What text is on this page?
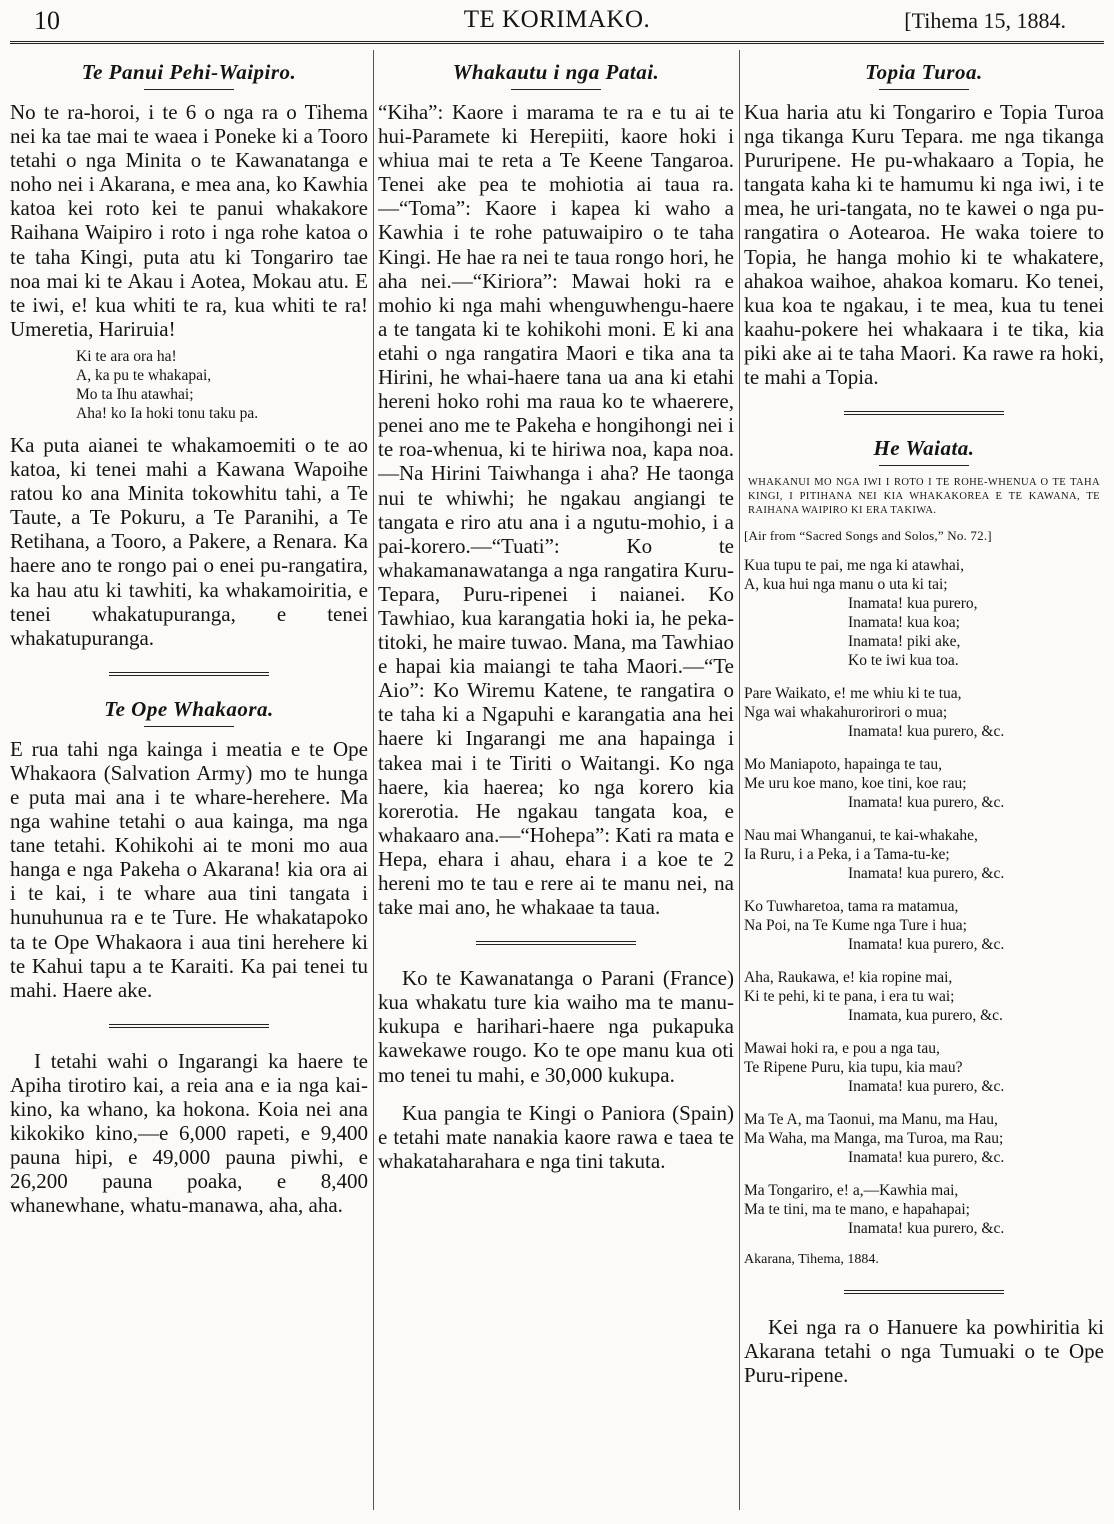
10	TE KORIMAKO.	[Tihema 15, 1884.
Te Panui Pehi-Waipiro.

No te ra-horoi, i te 6 o nga ra o Tihema nei ka tae mai te waea i Poneke ki a Tooro tetahi o nga Minita o te Kawanatanga e noho nei i Akarana, e mea ana, ko Kawhia katoa kei roto kei te panui whakakore Raihana Waipiro i roto i nga rohe katoa o te taha Kingi, puta atu ki Tongariro tae noa mai ki te Akau i Aotea, Mokau atu. E te iwi, e! kua whiti te ra, kua whiti te ra! Umeretia, Hariruia!

Ki te ara ora ha!
A, ka pu te whakapai,
Mo ta Ihu atawhai;
Aha! ko Ia hoki tonu taku pa.

Ka puta aianei te whakamoemiti o te ao katoa, ki tenei mahi a Kawana Wapoihe ratou ko ana Minita tokowhitu tahi, a Te Taute, a Te Pokuru, a Te Paranihi, a Te Retihana, a Tooro, a Pakere, a Renara. Ka haere ano te rongo pai o enei pu-rangatira, ka hau atu ki tawhiti, ka whakamoiritia, e tenei whakatupuranga, e tenei whakatupuranga.

Te Ope Whakaora.

E rua tahi nga kainga i meatia e te Ope Whakaora (Salvation Army) mo te hunga e puta mai ana i te whare-herehere. Ma nga wahine tetahi o aua kainga, ma nga tane tetahi. Kohikohi ai te moni mo aua hanga e nga Pakeha o Akarana! kia ora ai i te kai, i te whare aua tini tangata i hunuhunua ra e te Ture. He whakatapoko ta te Ope Whakaora i aua tini hereherе ki te Kahui tapu a te Karaiti. Ka pai tenei tu mahi. Haere ake.

I tetahi wahi o Ingarangi ka haere te Apiha tirotiro kai, a reia ana e ia nga kai-kino, ka whano, ka hokona. Koia nei ana kikokiko kino,—e 6,000 rapeti, e 9,400 pauna hipi, e 49,000 pauna piwhi, e 26,200 pauna poaka, e 8,400 whanewhane, whatu-manawa, aha, aha.

Whakautu i nga Patai.

“Kiha”: Kaore i marama te ra e tu ai te hui-Paramete ki Herepiiti, kaore hoki i whiua mai te reta a Te Keene Tangaroa. Tenei ake pea te mohiotia ai taua ra.—“Toma”: Kaore i kapea ki waho a Kawhia i te rohe patuwaipiro o te taha Kingi. He hae ra nei te taua rongo hori, he aha nei.—“Kiriora”: Mawai hoki ra e mohio ki nga mahi whenguwhengu-haere a te tangata ki te kohikohi moni. E ki ana etahi o nga rangatira Maori e tika ana ta Hirini, he whai-haere tana ua ana ki etahi hereni hoko rohi ma raua ko te whaerere, penei ano me te Pakeha e hongihongi nei i te roa-whenua, ki te hiriwa noa, kapa noa.—Na Hirini Taiwhanga i aha? He taonga nui te whiwhi; he ngakau angiangi te tangata e riro atu ana i a ngutu-mohio, i a pai-korero.—“Tuati”: Ko te whakamanawatanga a nga rangatira Kuru-Tepara, Puru-ripenei i naianei. Ko Tawhiao, kua karangatia hoki ia, he peka-titoki, he maire tuwao. Mana, ma Tawhiao e hapai kia maiangi te taha Maori.—“Te Aio”: Ko Wiremu Katene, te rangatira o te taha ki a Ngapuhi e karangatia ana hei haere ki Ingarangi me ana hapainga i takea mai i te Tiriti o Waitangi. Ko nga haere, kia haerea; ko nga korero kia korerotia. He ngakau tangata koa, e whakaaro ana.—“Hohepa”: Kati ra mata e Hepa, ehara i ahau, ehara i a koe te 2 hereni mo te tau e rere ai te manu nei, na take mai ano, he whakaae ta taua.

Ko te Kawanatanga o Parani (France) kua whakatu ture kia waiho ma te manu-kukupa e harihari-haere nga pukapuka kawekawe rougo. Ko te ope manu kua oti mo tenei tu mahi, e 30,000 kukupa.

Kua pangia te Kingi o Paniora (Spain) e tetahi mate nanakia kaore rawa e taea te whakataharahara e nga tini takuta.

Topia Turoa.

Kua haria atu ki Tongariro e Topia Turoa nga tikanga Kuru Tepara. me nga tikanga Pururipene. He pu-whakaaro a Topia, he tangata kaha ki te hamumu ki nga iwi, i te mea, he uri-tangata, no te kawei o nga pu-rangatira o Aotearoa. He waka toiere to Topia, he hanga mohio ki te whakatere, ahakoa waihoe, ahakoa komaru. Ko tenei, kua koa te ngakau, i te mea, kua tu tenei kaahu-pokere hei whakaara i te tika, kia piki ake ai te taha Maori. Ka rawe ra hoki, te mahi a Topia.

He Waiata.
WHAKANUI MO NGA IWI I ROTO I TE ROHE-WHENUA O TE TAHA KINGI, I PITIHANA NEI KIA WHAKAKOREA E TE KAWANA, TE RAIHANA WAIPIRO KI ERA TAKIWA.
[Air from “Sacred Songs and Solos,” No. 72.]
Kua tupu te pai, me nga ki atawhai,
A, kua hui nga manu o uta ki tai;
Inamata! kua purero,
Inamata! kua koa;
Inamata! piki ake,
Ko te iwi kua toa.
Pare Waikato, e! me whiu ki te tua,
Nga wai whakahurorirori o mua;
Inamata! kua purero, &c.
Mo Maniapoto, hapainga te tau,
Me uru koe mano, koe tini, koe rau;
Inamata! kua purero, &c.
Nau mai Whanganui, te kai-whakahe,
Ia Ruru, i a Peka, i a Tama-tu-ke;
Inamata! kua purero, &c.
Ko Tuwharetoa, tama ra matamua,
Na Poi, na Te Kume nga Ture i hua;
Inamata! kua purero, &c.
Aha, Raukawa, e! kia ropine mai,
Ki te pehi, ki te pana, i era tu wai;
Inamata, kua purero, &c.
Mawai hoki ra, e pou a nga tau,
Te Ripene Puru, kia tupu, kia mau?
Inamata! kua purero, &c.
Ma Te A, ma Taonui, ma Manu, ma Hau,
Ma Waha, ma Manga, ma Turoa, ma Rau;
Inamata! kua purero, &c.
Ma Tongariro, e! a,—Kawhia mai,
Ma te tini, ma te mano, e hapahapai;
Inamata! kua purero, &c.
Akarana, Tihema, 1884.

Kei nga ra o Hanuere ka powhiritia ki Akarana tetahi o nga Tumuaki o te Ope Puru-ripene.
